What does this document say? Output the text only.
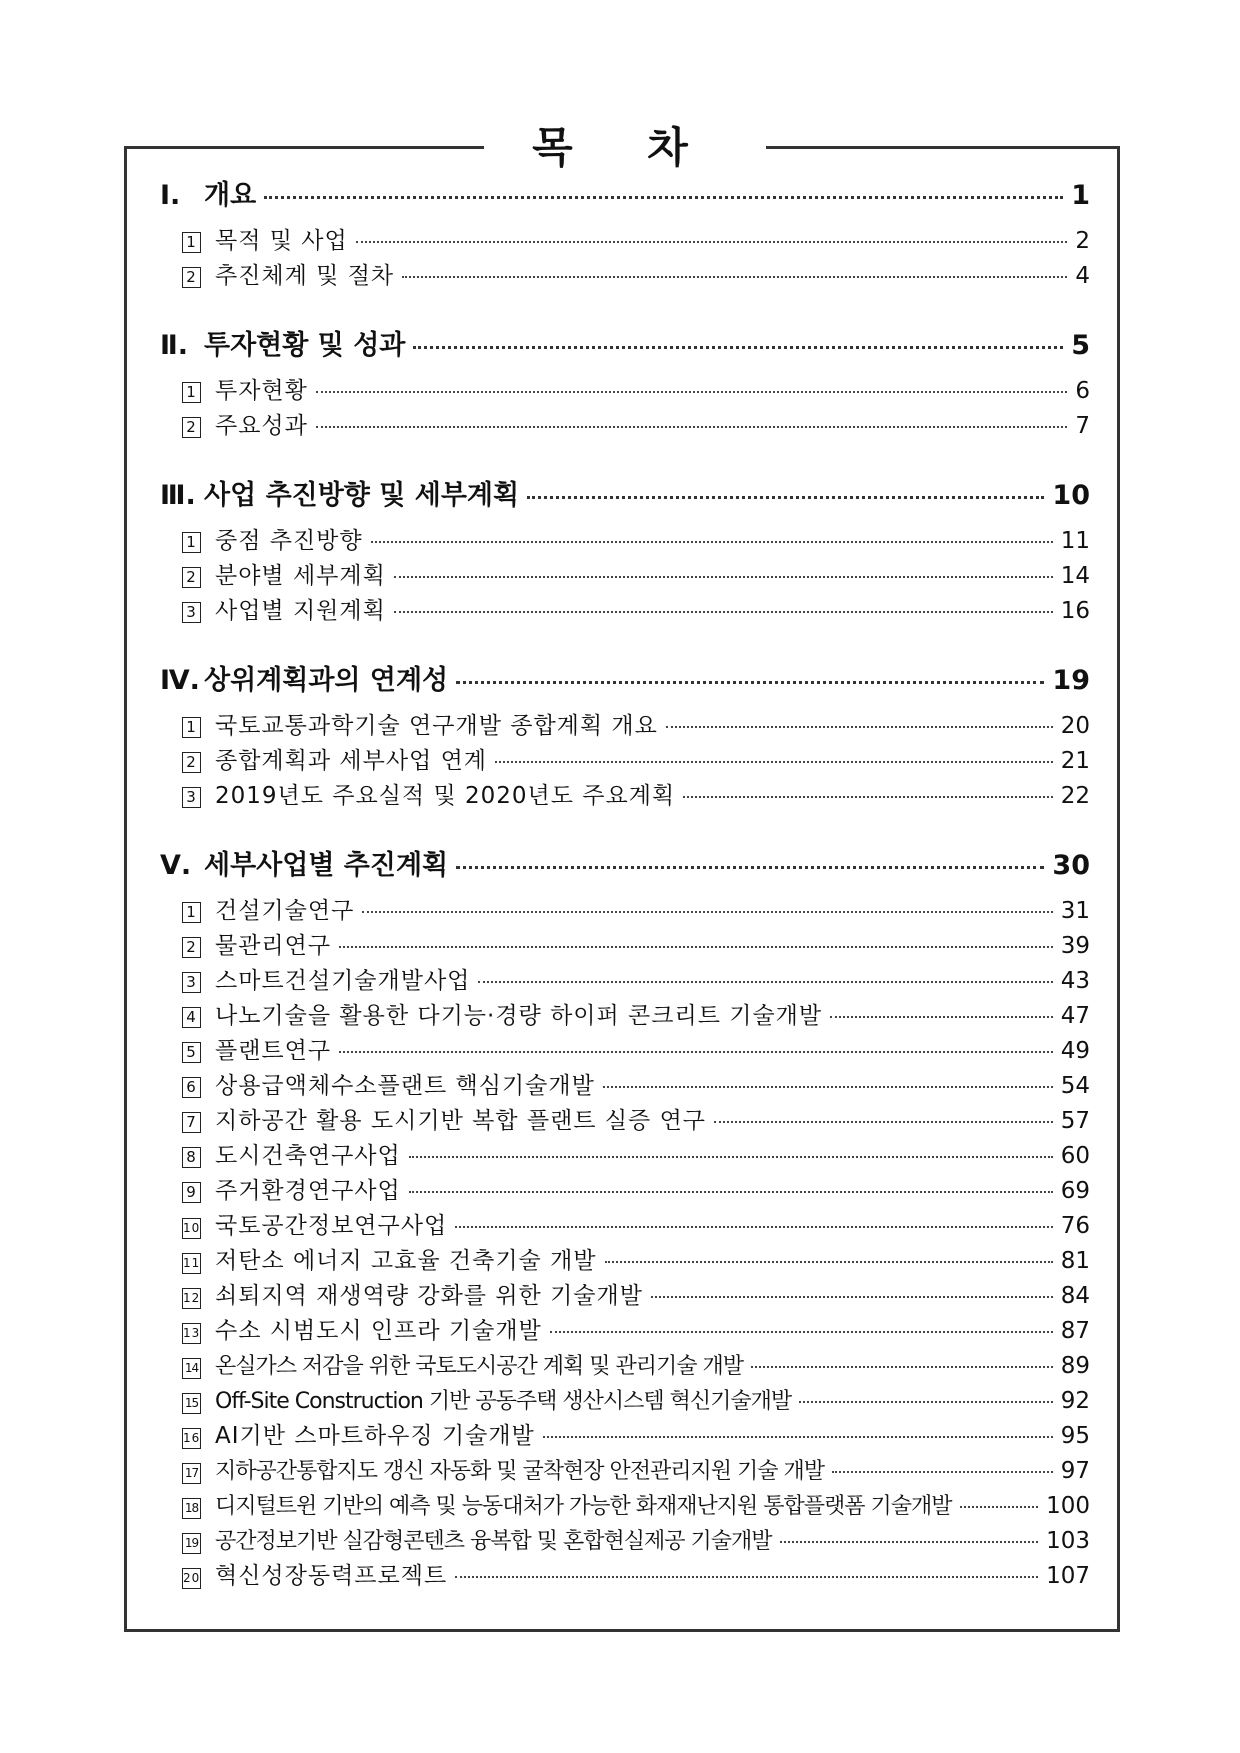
목 차
Ⅰ. 개요	1
1 목적 및 사업	2
2 추진체계 및 절차	4
Ⅱ. 투자현황 및 성과	5
1 투자현황	6
2 주요성과	7
Ⅲ. 사업 추진방향 및 세부계획	10
1 중점 추진방향	11
2 분야별 세부계획	14
3 사업별 지원계획	16
Ⅳ. 상위계획과의 연계성	19
1 국토교통과학기술 연구개발 종합계획 개요	20
2 종합계획과 세부사업 연계	21
3 2019년도 주요실적 및 2020년도 주요계획	22
Ⅴ. 세부사업별 추진계획	30
1 건설기술연구	31
2 물관리연구	39
3 스마트건설기술개발사업	43
4 나노기술을 활용한 다기능·경량 하이퍼 콘크리트 기술개발	47
5 플랜트연구	49
6 상용급액체수소플랜트 핵심기술개발	54
7 지하공간 활용 도시기반 복합 플랜트 실증 연구	57
8 도시건축연구사업	60
9 주거환경연구사업	69
10 국토공간정보연구사업	76
11 저탄소 에너지 고효율 건축기술 개발	81
12 쇠퇴지역 재생역량 강화를 위한 기술개발	84
13 수소 시범도시 인프라 기술개발	87
14 온실가스 저감을 위한 국토도시공간 계획 및 관리기술 개발	89
15 Off-Site Construction 기반 공동주택 생산시스템 혁신기술개발	92
16 AI기반 스마트하우징 기술개발	95
17 지하공간통합지도 갱신 자동화 및 굴착현장 안전관리지원 기술 개발	97
18 디지털트윈 기반의 예측 및 능동대처가 가능한 화재재난지원 통합플랫폼 기술개발	100
19 공간정보기반 실감형콘텐츠 융복합 및 혼합현실제공 기술개발	103
20 혁신성장동력프로젝트	107
